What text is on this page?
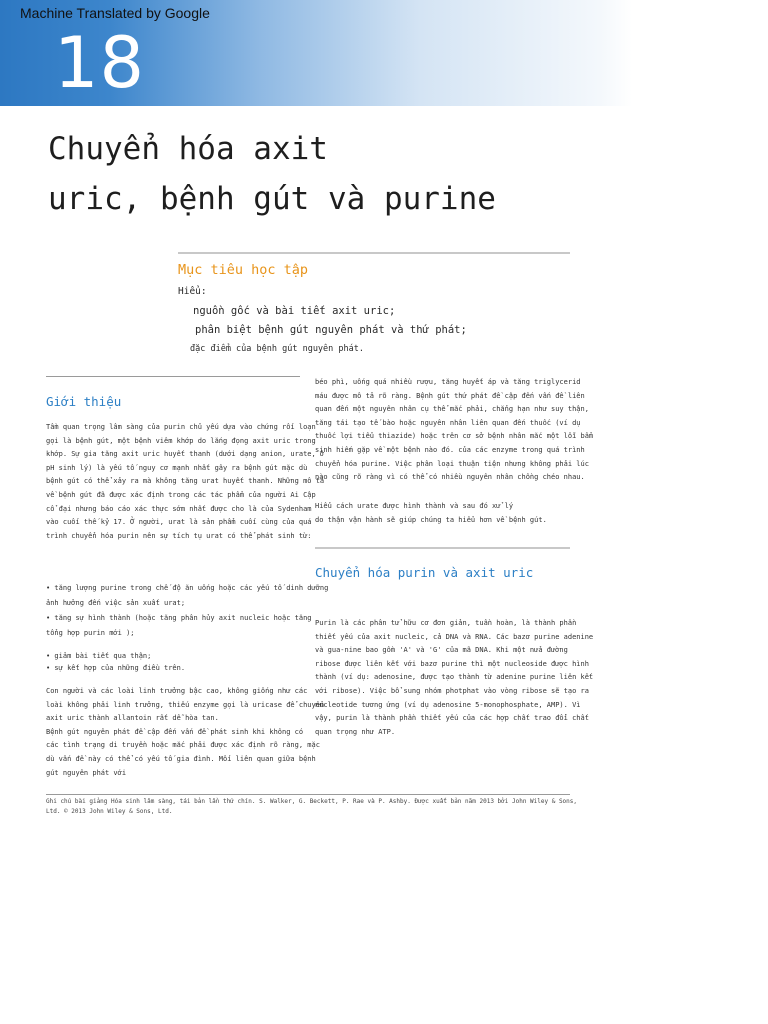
Machine Translated by Google
18
Chuyển hóa axit
uric, bệnh gút và purine
Mục tiêu học tập
Hiểu:
nguồn gốc và bài tiết axit uric;
phân biệt bệnh gút nguyên phát và thứ phát;
đặc điểm của bệnh gút nguyên phát.
Giới thiệu
Tầm quan trọng lâm sàng của purin chủ yếu dựa vào chứng rối loạn
gọi là bệnh gút, một bệnh viêm khớp do lắng đọng axit uric trong
khớp. Sự gia tăng axit uric huyết thanh (dưới dạng anion, urate, ở
pH sinh lý) là yếu tố nguy cơ mạnh nhất gây ra bệnh gút mặc dù
bệnh gút có thể xảy ra mà không tăng urat huyết thanh. Những mô tả
về bệnh gút đã được xác định trong các tác phẩm của người Ai Cập
cổ đại nhưng báo cáo xác thực sớm nhất được cho là của Sydenham
vào cuối thế kỷ 17. Ở người, urat là sản phẩm cuối cùng của quá
trình chuyển hóa purin nên sự tích tụ urat có thể phát sinh từ:
• tăng lượng purine trong chế độ ăn uống hoặc các yếu tố dinh dưỡng
ảnh hưởng đến việc sản xuất urat;
• tăng sự hình thành (hoặc tăng phân hủy axit nucleic hoặc tăng
tổng hợp purin mới );
• giảm bài tiết qua thận;
• sự kết hợp của những điều trên.
Con người và các loài linh trưởng bậc cao, không giống như các
loài không phải linh trưởng, thiếu enzyme gọi là uricase để chuyển
axit uric thành allantoin rất dễ hòa tan.
Bệnh gút nguyên phát đề cập đến vấn đề phát sinh khi không có
các tình trạng di truyền hoặc mắc phải được xác định rõ ràng, mặc
dù vấn đề này có thể có yếu tố gia đình. Mối liên quan giữa bệnh
gút nguyên phát với
béo phì, uống quá nhiều rượu, tăng huyết áp và tăng triglycerid
máu được mô tả rõ ràng. Bệnh gút thứ phát đề cập đến vấn đề liên
quan đến một nguyên nhân cụ thể mắc phải, chẳng hạn như suy thận,
tăng tái tạo tế bào hoặc nguyên nhân liên quan đến thuốc (ví dụ
thuốc lợi tiểu thiazide) hoặc trên cơ sở bệnh nhân mắc một lỗi bẩm
sinh hiếm gặp về một bệnh nào đó. của các enzyme trong quá trình
chuyển hóa purine. Việc phân loại thuận tiện nhưng không phải lúc
nào cũng rõ ràng vì có thể có nhiều nguyên nhân chồng chéo nhau.
Hiểu cách urate được hình thành và sau đó xử lý
do thận vận hành sẽ giúp chúng ta hiểu hơn về bệnh gút.
Chuyển hóa purin và axit uric
Purin là các phân tử hữu cơ đơn giản, tuần hoàn, là thành phần
thiết yếu của axit nucleic, cả DNA và RNA. Các bazơ purine adenine
và gua-nine bao gồm 'A' và 'G' của mã DNA. Khi một nửa đường
ribose được liên kết với bazơ purine thì một nucleoside được hình
thành (ví dụ: adenosine, được tạo thành từ adenine purine liên kết
với ribose). Việc bổ sung nhóm photphat vào vòng ribose sẽ tạo ra
nucleotide tương ứng (ví dụ adenosine 5-monophosphate, AMP). Vì
vậy, purin là thành phần thiết yếu của các hợp chất trao đổi chất
quan trọng như ATP.
Ghi chú bài giảng Hóa sinh lâm sàng, tái bản lần thứ chín. S. Walker, G. Beckett, P. Rae và P. Ashby. Được xuất bản năm 2013 bởi John Wiley & Sons,
Ltd. © 2013 John Wiley & Sons, Ltd.
